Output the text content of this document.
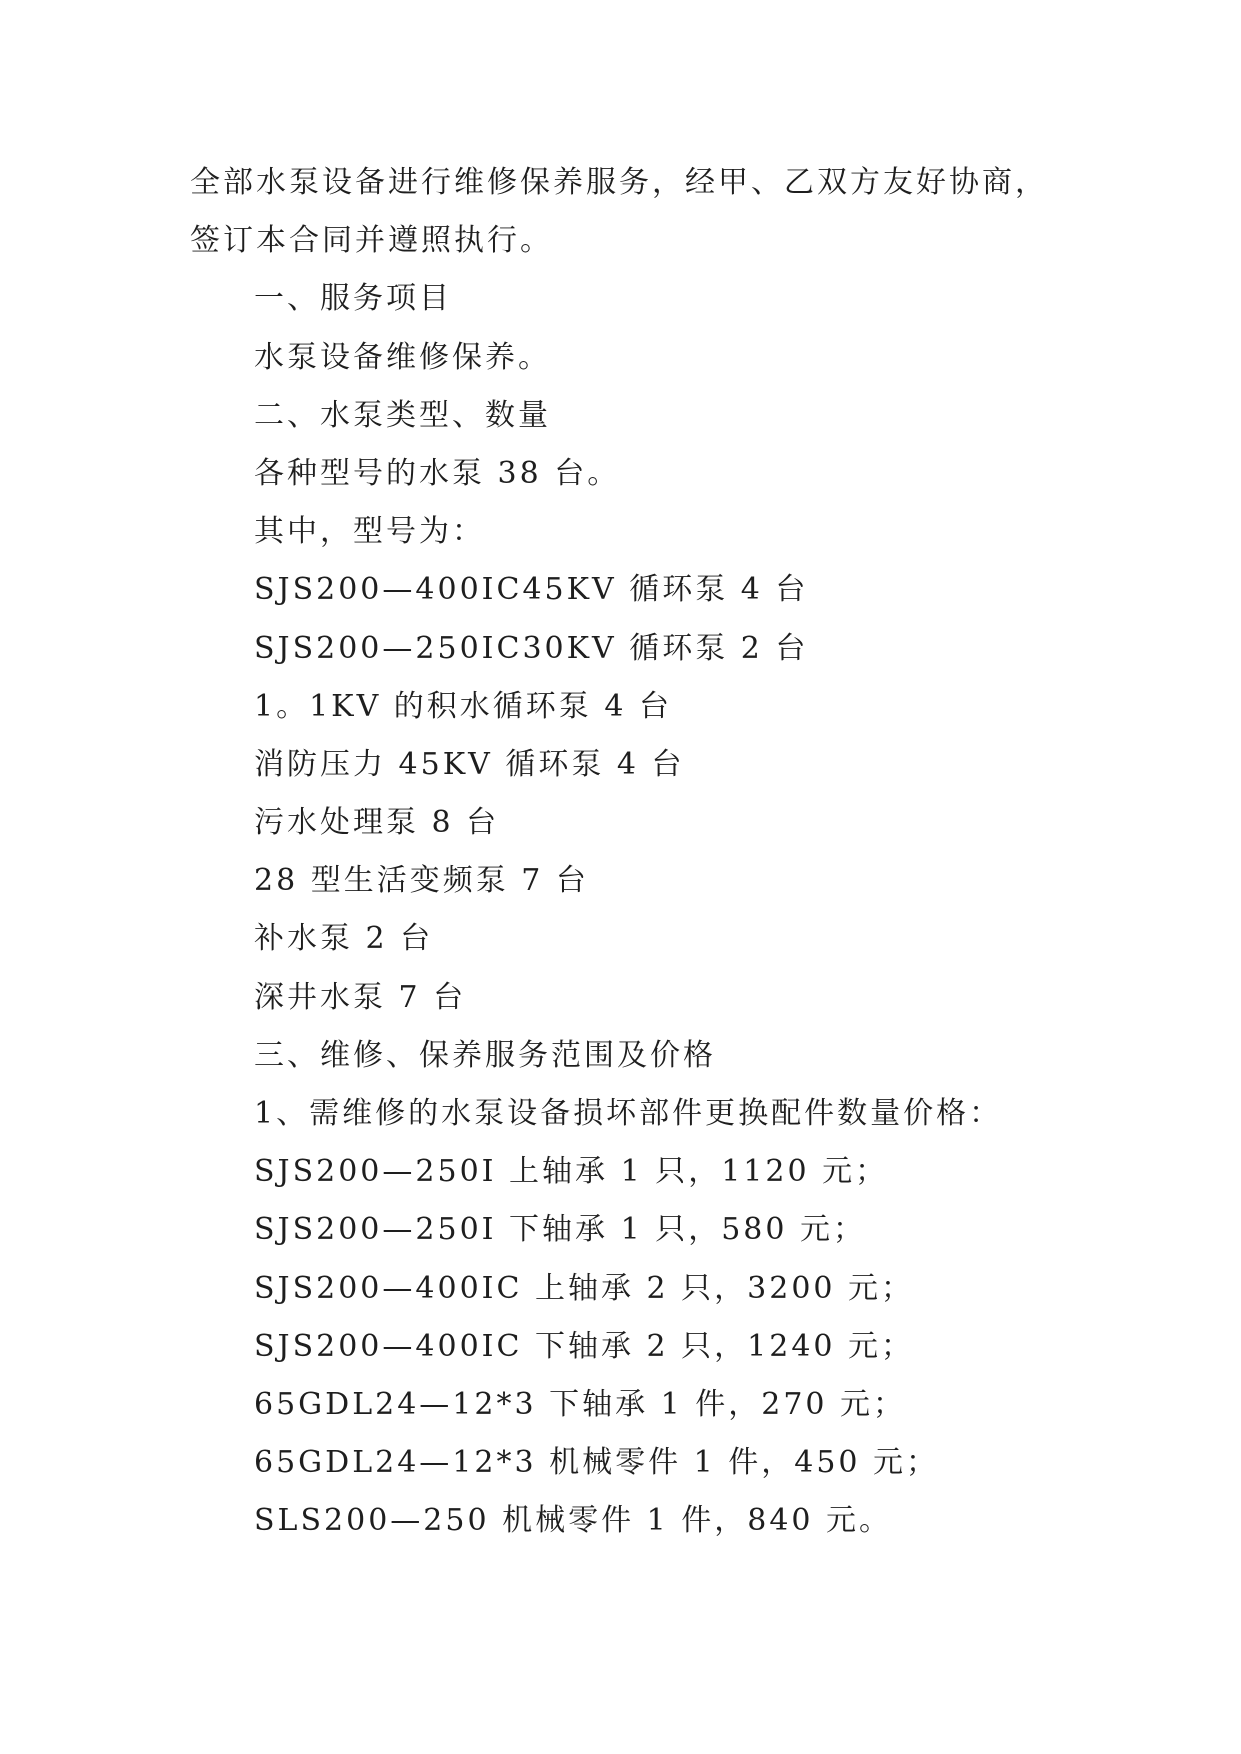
全部水泵设备进行维修保养服务，经甲、乙双方友好协商，
签订本合同并遵照执行。
一、服务项目
水泵设备维修保养。
二、水泵类型、数量
各种型号的水泵 38 台。
其中，型号为：
SJS200—400IC45KV 循环泵 4 台
SJS200—250IC30KV 循环泵 2 台
1。1KV 的积水循环泵 4 台
消防压力 45KV 循环泵 4 台
污水处理泵 8 台
28 型生活变频泵 7 台
补水泵 2 台
深井水泵 7 台
三、维修、保养服务范围及价格
1、需维修的水泵设备损坏部件更换配件数量价格：
SJS200—250I 上轴承 1 只，1120 元；
SJS200—250I 下轴承 1 只，580 元；
SJS200—400IC 上轴承 2 只，3200 元；
SJS200—400IC 下轴承 2 只，1240 元；
65GDL24—12*3 下轴承 1 件，270 元；
65GDL24—12*3 机械零件 1 件，450 元；
SLS200—250 机械零件 1 件，840 元。
